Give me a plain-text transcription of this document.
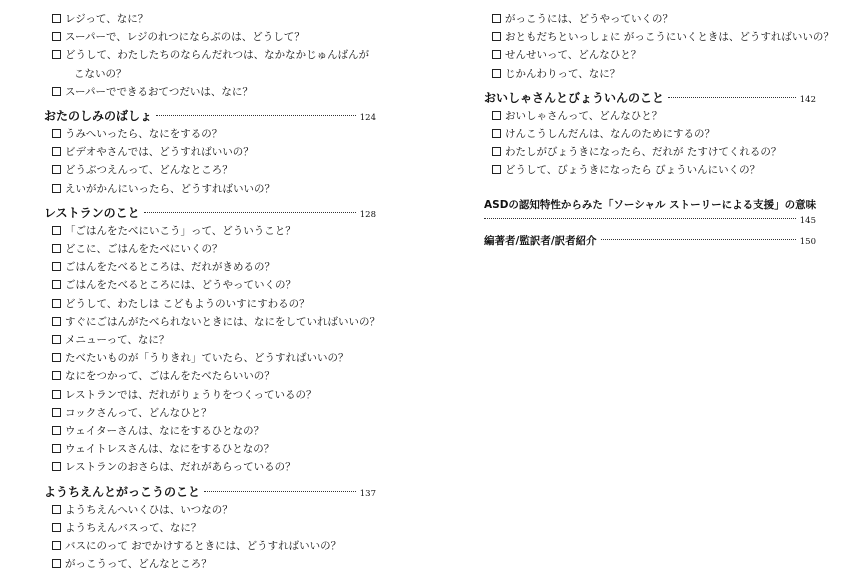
レジって、なに？
スーパーで、レジのれつにならぶのは、どうして？
どうして、わたしたちのならんだれつは、なかなかじゅんばんが
こないの？
スーパーでできるおてつだいは、なに？
おたのしみのばしょ	124
うみへいったら、なにをするの？
ビデオやさんでは、どうすればいいの？
どうぶつえんって、どんなところ？
えいがかんにいったら、どうすればいいの？
レストランのこと	128
「ごはんをたべにいこう」って、どういうこと？
どこに、ごはんをたべにいくの？
ごはんをたべるところは、だれがきめるの？
ごはんをたべるところには、どうやっていくの？
どうして、わたしは こどもようのいすにすわるの？
すぐにごはんがたべられないときには、なにをしていればいいの？
メニューって、なに？
たべたいものが「うりきれ」ていたら、どうすればいいの？
なにをつかって、ごはんをたべたらいいの？
レストランでは、だれがりょうりをつくっているの？
コックさんって、どんなひと？
ウェイターさんは、なにをするひとなの？
ウェイトレスさんは、なにをするひとなの？
レストランのおさらは、だれがあらっているの？
ようちえんとがっこうのこと	137
ようちえんへいくひは、いつなの？
ようちえんバスって、なに？
バスにのって おでかけするときには、どうすればいいの？
がっこうって、どんなところ？
がっこうには、どうやっていくの？
おともだちといっしょに がっこうにいくときは、どうすればいいの？
せんせいって、どんなひと？
じかんわりって、なに？
おいしゃさんとびょういんのこと	142
おいしゃさんって、どんなひと？
けんこうしんだんは、なんのためにするの？
わたしがびょうきになったら、だれが たすけてくれるの？
どうして、びょうきになったら びょういんにいくの？
ASDの認知特性からみた「ソーシャル ストーリーによる支援」の意味
145
編著者/監訳者/訳者紹介	150
